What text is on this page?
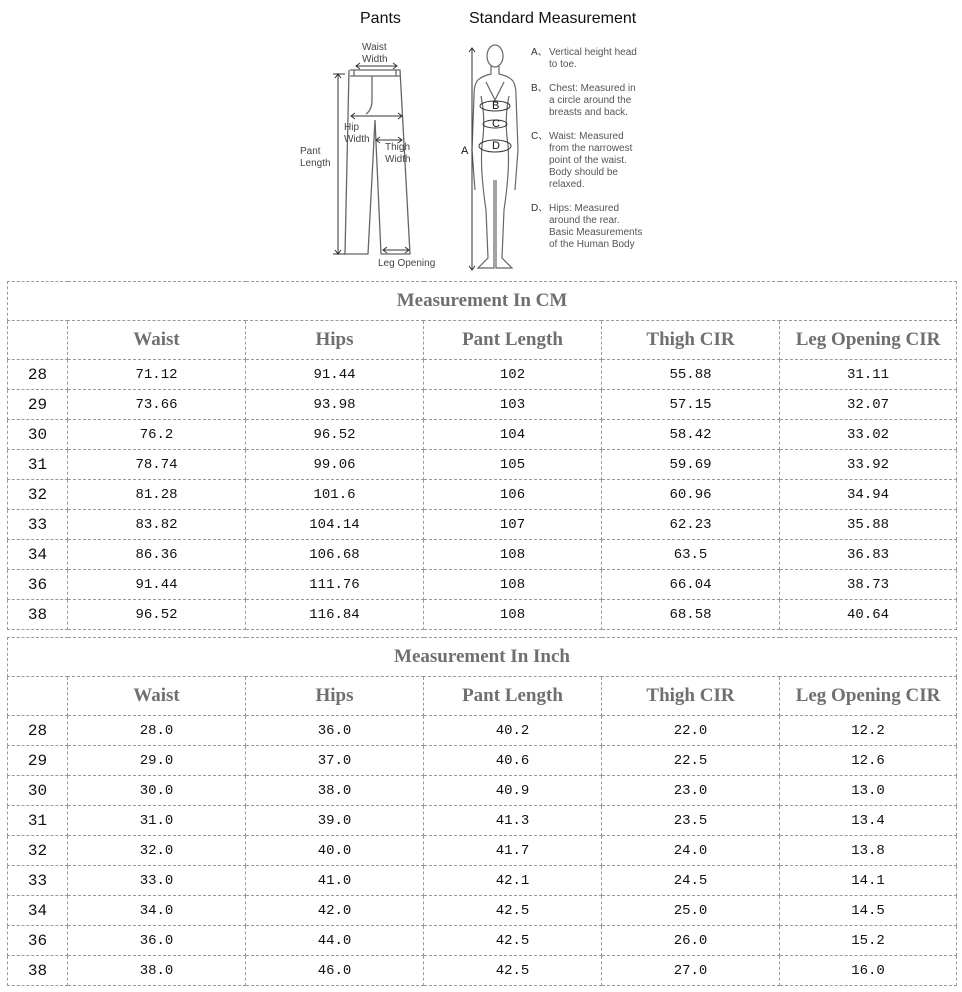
Pants	Standard Measurement
Waist
Width
Hip
Width
Pant
Length
Thigh
Width
Leg Opening
A
B
C
D
A、 Vertical height head
to toe.
B、 Chest: Measured in
a circle around the
breasts and back.
C、 Waist: Measured
from the narrowest
point of the waist.
Body should be
relaxed.
D、 Hips: Measured
around the rear.
Basic Measurements
of the Human Body
Measurement In CM					
	Waist	Hips	Pant Length	Thigh CIR	Leg Opening CIR
28	71.12	91.44	102	55.88	31.11
29	73.66	93.98	103	57.15	32.07
30	76.2	96.52	104	58.42	33.02
31	78.74	99.06	105	59.69	33.92
32	81.28	101.6	106	60.96	34.94
33	83.82	104.14	107	62.23	35.88
34	86.36	106.68	108	63.5	36.83
36	91.44	111.76	108	66.04	38.73
38	96.52	116.84	108	68.58	40.64
Measurement In Inch					
	Waist	Hips	Pant Length	Thigh CIR	Leg Opening CIR
28	28.0	36.0	40.2	22.0	12.2
29	29.0	37.0	40.6	22.5	12.6
30	30.0	38.0	40.9	23.0	13.0
31	31.0	39.0	41.3	23.5	13.4
32	32.0	40.0	41.7	24.0	13.8
33	33.0	41.0	42.1	24.5	14.1
34	34.0	42.0	42.5	25.0	14.5
36	36.0	44.0	42.5	26.0	15.2
38	38.0	46.0	42.5	27.0	16.0
